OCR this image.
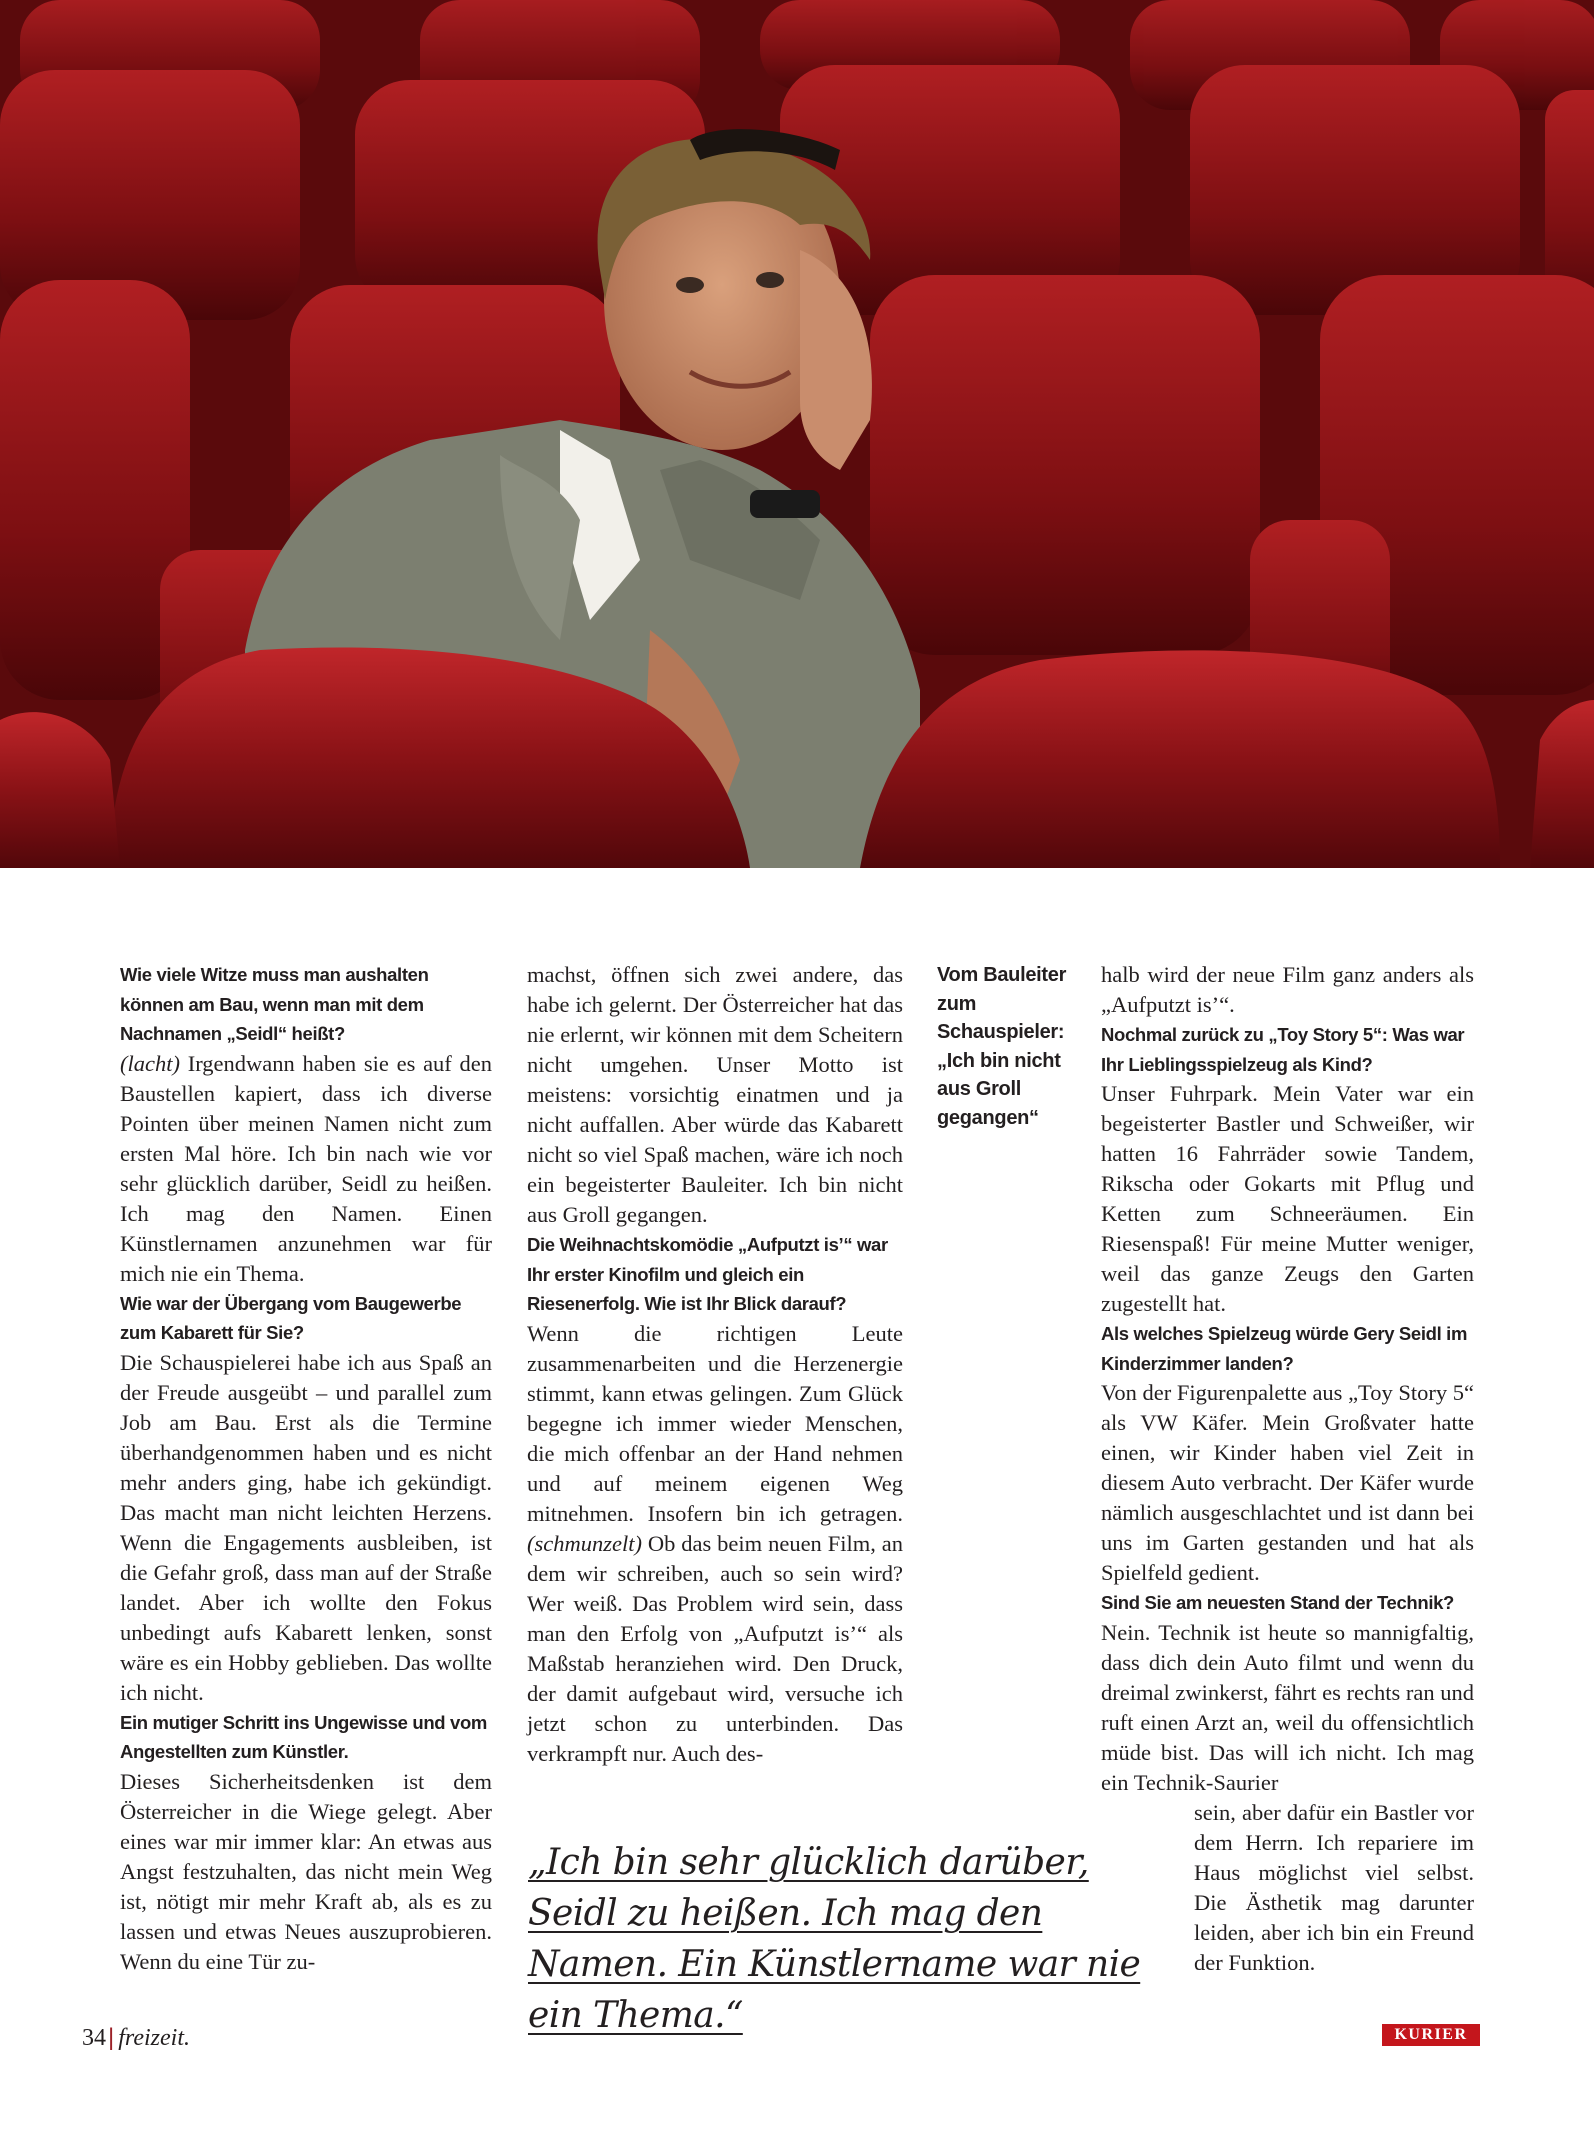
Wie viele Witze muss man aushalten können am Bau, wenn man mit dem Nachnamen „Seidl“ heißt?

(lacht) Irgendwann haben sie es auf den Baustellen kapiert, dass ich diverse Pointen über meinen Namen nicht zum ersten Mal höre. Ich bin nach wie vor sehr glücklich darüber, Seidl zu heißen. Ich mag den Namen. Einen Künstlernamen anzunehmen war für mich nie ein Thema.

Wie war der Übergang vom Baugewerbe zum Kabarett für Sie?

Die Schauspielerei habe ich aus Spaß an der Freude ausgeübt – und parallel zum Job am Bau. Erst als die Termine überhandgenommen haben und es nicht mehr anders ging, habe ich gekündigt. Das macht man nicht leichten Herzens. Wenn die Engagements ausbleiben, ist die Gefahr groß, dass man auf der Straße landet. Aber ich wollte den Fokus unbedingt aufs Kabarett lenken, sonst wäre es ein Hobby geblieben. Das wollte ich nicht.

Ein mutiger Schritt ins Ungewisse und vom Angestellten zum Künstler.

Dieses Sicherheitsdenken ist dem Österreicher in die Wiege gelegt. Aber eines war mir immer klar: An etwas aus Angst festzuhalten, das nicht mein Weg ist, nötigt mir mehr Kraft ab, als es zu lassen und etwas Neues auszuprobieren. Wenn du eine Tür zu-

machst, öffnen sich zwei andere, das habe ich gelernt. Der Österreicher hat das nie erlernt, wir können mit dem Scheitern nicht umgehen. Unser Motto ist meistens: vorsichtig einatmen und ja nicht auffallen. Aber würde das Kabarett nicht so viel Spaß machen, wäre ich noch ein begeisterter Bauleiter. Ich bin nicht aus Groll gegangen.

Die Weihnachtskomödie „Aufputzt is’“ war Ihr erster Kinofilm und gleich ein Riesenerfolg. Wie ist Ihr Blick darauf?

Wenn die richtigen Leute zusammenarbeiten und die Herzenergie stimmt, kann etwas gelingen. Zum Glück begegne ich immer wieder Menschen, die mich offenbar an der Hand nehmen und auf meinem eigenen Weg mitnehmen. Insofern bin ich getragen. (schmunzelt) Ob das beim neuen Film, an dem wir schreiben, auch so sein wird? Wer weiß. Das Problem wird sein, dass man den Erfolg von „Aufputzt is’“ als Maßstab heranziehen wird. Den Druck, der damit aufgebaut wird, versuche ich jetzt schon zu unterbinden. Das verkrampft nur. Auch des-

Vom Bauleiter zum Schauspieler: „Ich bin nicht aus Groll gegangen“

halb wird der neue Film ganz anders als „Aufputzt is’“.

Nochmal zurück zu „Toy Story 5“: Was war Ihr Lieblingsspielzeug als Kind?

Unser Fuhrpark. Mein Vater war ein begeisterter Bastler und Schweißer, wir hatten 16 Fahrräder sowie Tandem, Rikscha oder Gokarts mit Pflug und Ketten zum Schneeräumen. Ein Riesenspaß! Für meine Mutter weniger, weil das ganze Zeugs den Garten zugestellt hat.

Als welches Spielzeug würde Gery Seidl im Kinderzimmer landen?

Von der Figurenpalette aus „Toy Story 5“ als VW Käfer. Mein Großvater hatte einen, wir Kinder haben viel Zeit in diesem Auto verbracht. Der Käfer wurde nämlich ausgeschlachtet und ist dann bei uns im Garten gestanden und hat als Spielfeld gedient.

Sind Sie am neuesten Stand der Technik?

Nein. Technik ist heute so mannigfaltig, dass dich dein Auto filmt und wenn du dreimal zwinkerst, fährt es rechts ran und ruft einen Arzt an, weil du offensichtlich müde bist. Das will ich nicht. Ich mag ein Technik-Saurier

sein, aber dafür ein Bastler vor dem Herrn. Ich repariere im Haus möglichst viel selbst. Die Ästhetik mag darunter leiden, aber ich bin ein Freund der Funktion.

„Ich bin sehr glücklich darüber, Seidl zu heißen. Ich mag den Namen. Ein Künstlername war nie ein Thema.“
34| freizeit.	KURIER
